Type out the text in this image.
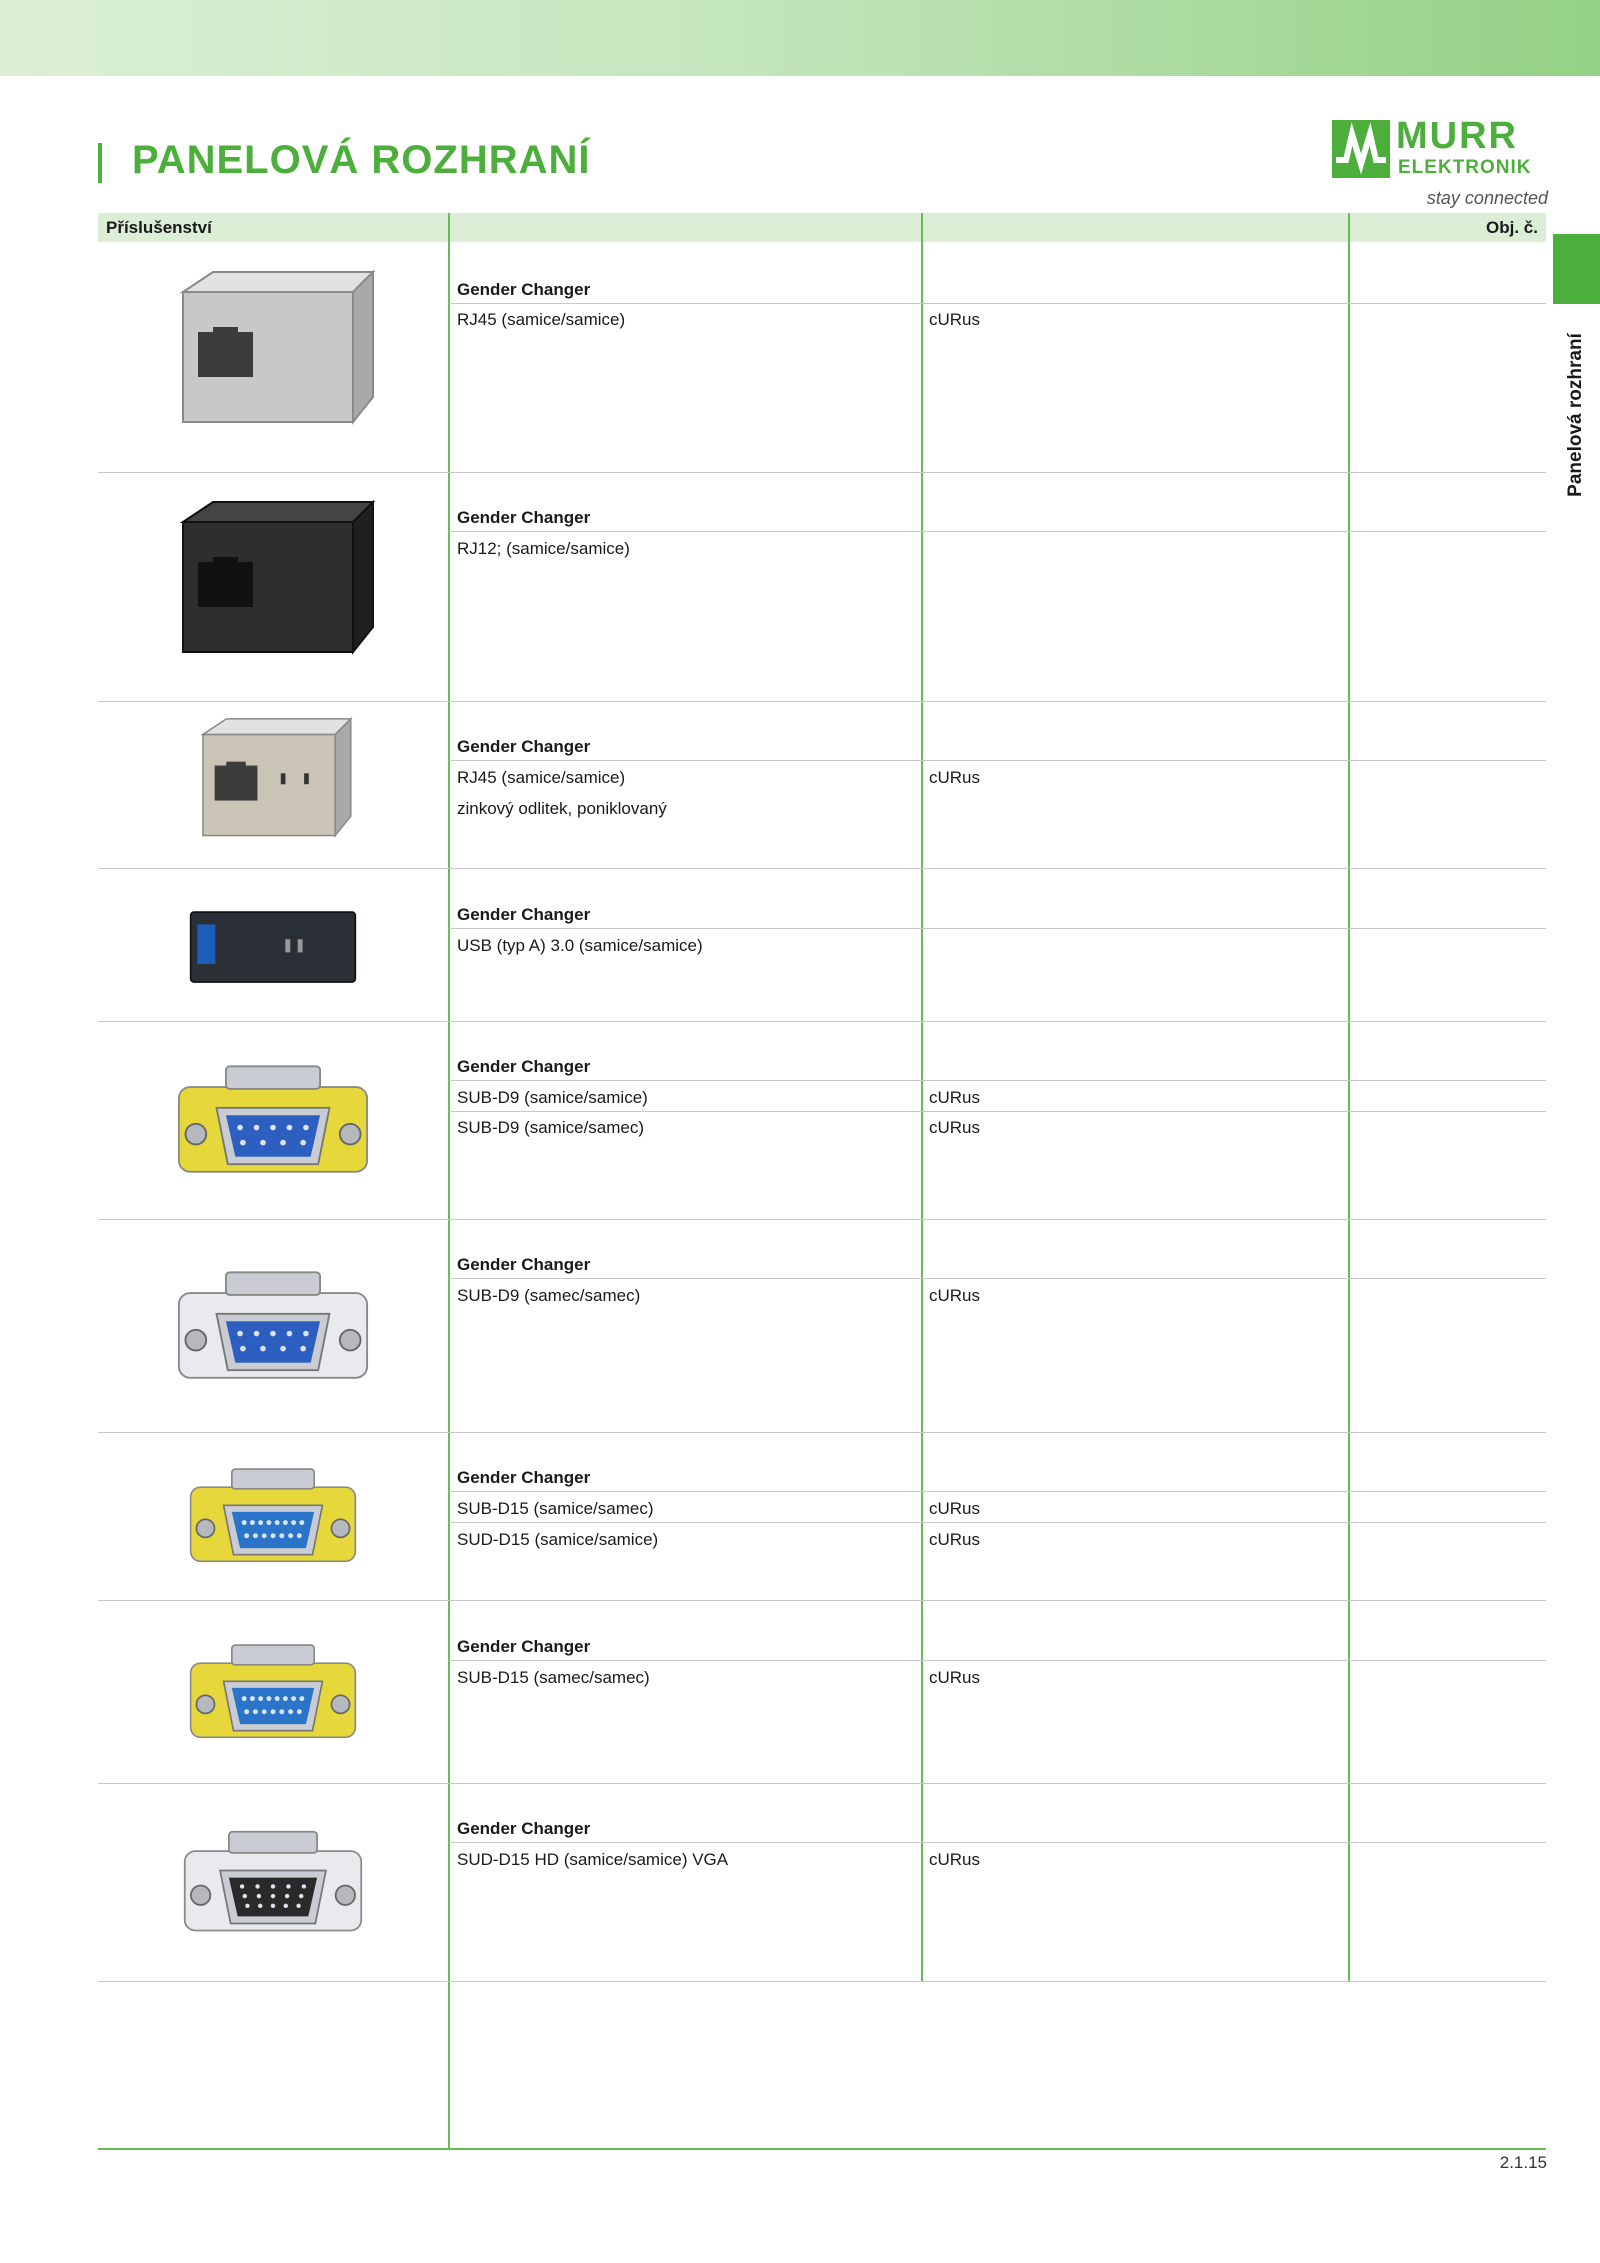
PANELOVÁ ROZHRANÍ
MURR
ELEKTRONIK
stay connected
Panelová rozhraní
Příslušenství	Obj. č.
Gender Changer
RJ45 (samice/samice)	cURus
Gender Changer
RJ12; (samice/samice)
Gender Changer
RJ45 (samice/samice)	cURus
zinkový odlitek, poniklovaný
Gender Changer
USB (typ A) 3.0 (samice/samice)
Gender Changer
SUB-D9 (samice/samice)	cURus
SUB-D9 (samice/samec)	cURus
Gender Changer
SUB-D9 (samec/samec)	cURus
Gender Changer
SUB-D15 (samice/samec)	cURus
SUD-D15 (samice/samice)	cURus
Gender Changer
SUB-D15 (samec/samec)	cURus
Gender Changer
SUD-D15 HD (samice/samice) VGA	cURus
2.1.15
